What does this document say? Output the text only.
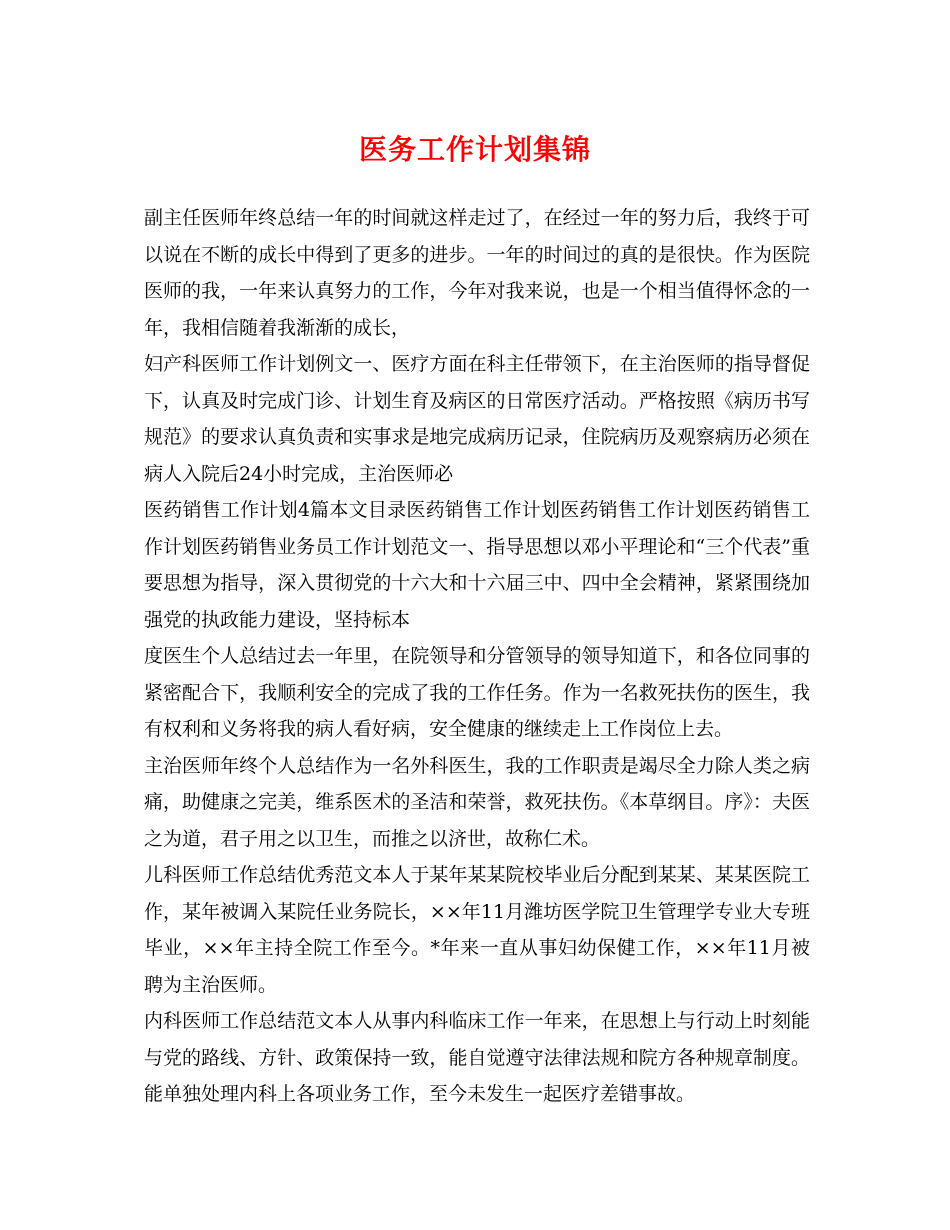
医务工作计划集锦

副主任医师年终总结一年的时间就这样走过了，在经过一年的努力后，我终于可以说在不断的成长中得到了更多的进步。一年的时间过的真的是很快。作为医院医师的我，一年来认真努力的工作，今年对我来说，也是一个相当值得怀念的一年，我相信随着我渐渐的成长，

妇产科医师工作计划例文一、医疗方面在科主任带领下，在主治医师的指导督促下，认真及时完成门诊、计划生育及病区的日常医疗活动。严格按照《病历书写规范》的要求认真负责和实事求是地完成病历记录，住院病历及观察病历必须在病人入院后24小时完成，主治医师必

医药销售工作计划4篇本文目录医药销售工作计划医药销售工作计划医药销售工作计划医药销售业务员工作计划范文一、指导思想以邓小平理论和“三个代表”重要思想为指导，深入贯彻党的十六大和十六届三中、四中全会精神，紧紧围绕加强党的执政能力建设，坚持标本

度医生个人总结过去一年里，在院领导和分管领导的领导知道下，和各位同事的紧密配合下，我顺利安全的完成了我的工作任务。作为一名救死扶伤的医生，我有权利和义务将我的病人看好病，安全健康的继续走上工作岗位上去。

主治医师年终个人总结作为一名外科医生，我的工作职责是竭尽全力除人类之病痛，助健康之完美，维系医术的圣洁和荣誉，救死扶伤。《本草纲目。序》：夫医之为道，君子用之以卫生，而推之以济世，故称仁术。

儿科医师工作总结优秀范文本人于某年某某院校毕业后分配到某某、某某医院工作，某年被调入某院任业务院长，××年11月潍坊医学院卫生管理学专业大专班毕业，××年主持全院工作至今。*年来一直从事妇幼保健工作，××年11月被聘为主治医师。

内科医师工作总结范文本人从事内科临床工作一年来，在思想上与行动上时刻能与党的路线、方针、政策保持一致，能自觉遵守法律法规和院方各种规章制度。能单独处理内科上各项业务工作，至今未发生一起医疗差错事故。
